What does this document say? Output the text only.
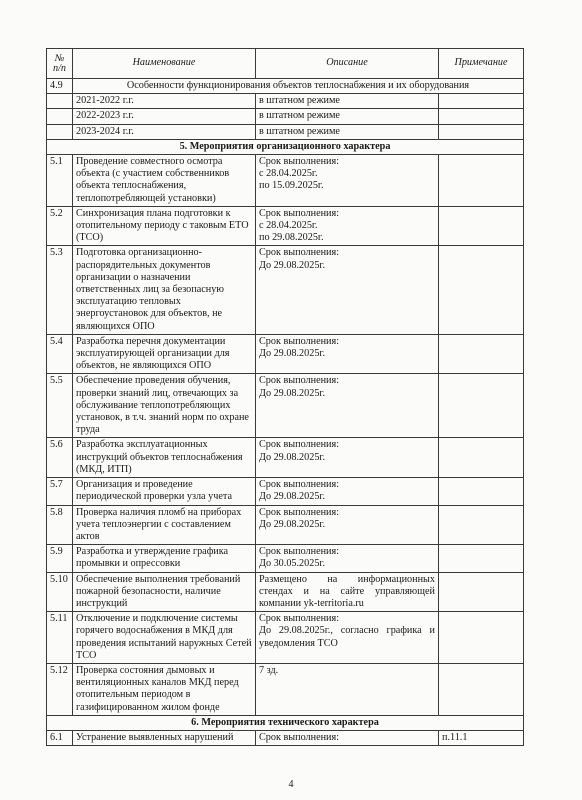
№
п/п	Наименование	Описание	Примечание
4.9	Особенности функционирования объектов теплоснабжения и их оборудования		
	2021-2022 г.г.	в штатном режиме	
	2022-2023 г.г.	в штатном режиме	
	2023-2024 г.г.	в штатном режиме	
5. Мероприятия организационного характера			
5.1	Проведение совместного осмотра объекта (с участием собственников объекта теплоснабжения, теплопотребляющей установки)	Срок выполнения:
с 28.04.2025г.
по 15.09.2025г.	
5.2	Синхронизация плана подготовки к отопительному периоду с таковым ЕТО (ТСО)	Срок выполнения:
с 28.04.2025г.
по 29.08.2025г.	
5.3	Подготовка организационно-распорядительных документов организации о назначении ответственных лиц за безопасную эксплуатацию тепловых энергоустановок для объектов, не являющихся ОПО	Срок выполнения:
До 29.08.2025г.	
5.4	Разработка перечня документации эксплуатирующей организации для объектов, не являющихся ОПО	Срок выполнения:
До 29.08.2025г.	
5.5	Обеспечение проведения обучения, проверки знаний лиц, отвечающих за обслуживание теплопотребляющих установок, в т.ч. знаний норм по охране труда	Срок выполнения:
До 29.08.2025г.	
5.6	Разработка эксплуатационных инструкций объектов теплоснабжения (МКД, ИТП)	Срок выполнения:
До 29.08.2025г.	
5.7	Организация и проведение периодической проверки узла учета	Срок выполнения:
До 29.08.2025г.	
5.8	Проверка наличия пломб на приборах учета теплоэнергии с составлением актов	Срок выполнения:
До 29.08.2025г.	
5.9	Разработка и утверждение графика промывки и опрессовки	Срок выполнения:
До 30.05.2025г.	
5.10	Обеспечение выполнения требований пожарной безопасности, наличие инструкций	Размещено на информационных стендах и на сайте управляющей компании yk-territoria.ru	
5.11	Отключение и подключение системы горячего водоснабжения в МКД для проведения испытаний наружных Сетей ТСО	Срок выполнения:
До 29.08.2025г., согласно графика и уведомления ТСО	
5.12	Проверка состояния дымовых и вентиляционных каналов МКД перед отопительным периодом в газифицированном жилом фонде	7 зд.	
6. Мероприятия технического характера			
6.1	Устранение выявленных нарушений	Срок выполнения:	п.11.1
4
